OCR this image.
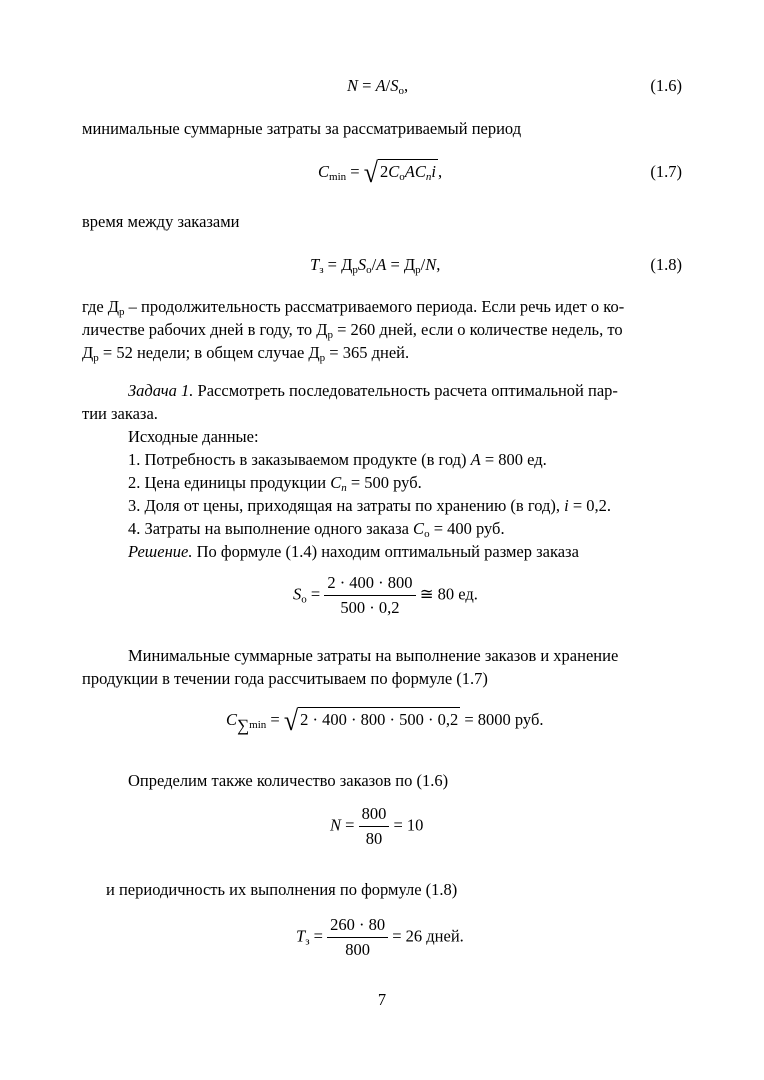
$N = A/S_о$,	(1.6)
минимальные суммарные затраты за рассматриваемый период
$C_{min}$ = √ $2C_оACпi$ ,	(1.7)
время между заказами
$T_з = Д_рS_о/A = Д_р/N$,	(1.8)
где $Д_р$ – продолжительность рассматриваемого периода. Если речь идет о ко-
личестве рабочих дней в году, то $Д_р = 260$ дней, если о количестве недель, то
$Д_р = 52$ недели; в общем случае $Д_р = 365$ дней.
Задача 1. Рассмотреть последовательность расчета оптимальной пар-
тии заказа.
Исходные данные:
1. Потребность в заказываемом продукте (в год) A = 800 ед.
2. Цена единицы продукции Cп = 500 руб.
3. Доля от цены, приходящая на затраты по хранению (в год), i = 0,2.
4. Затраты на выполнение одного заказа $C_о = 400$ руб.
Решение. По формуле (1.4) находим оптимальный размер заказа
$S_о = \frac{2 \cdot 400 \cdot 800}{500 \cdot 0,2}$ ≅ 80 ед.
Минимальные суммарные затраты на выполнение заказов и хранение
продукции в течении года рассчитываем по формуле (1.7)
$C\sum_{min}$ = √ 2 · 400 · 800 · 500 · 0,2 = 8000 руб.
Определим также количество заказов по (1.6)
$N = \frac{800}{80} = 10$
и периодичность их выполнения по формуле (1.8)
$T_з = \frac{260 \cdot 80}{800} = 26$ дней.
7
